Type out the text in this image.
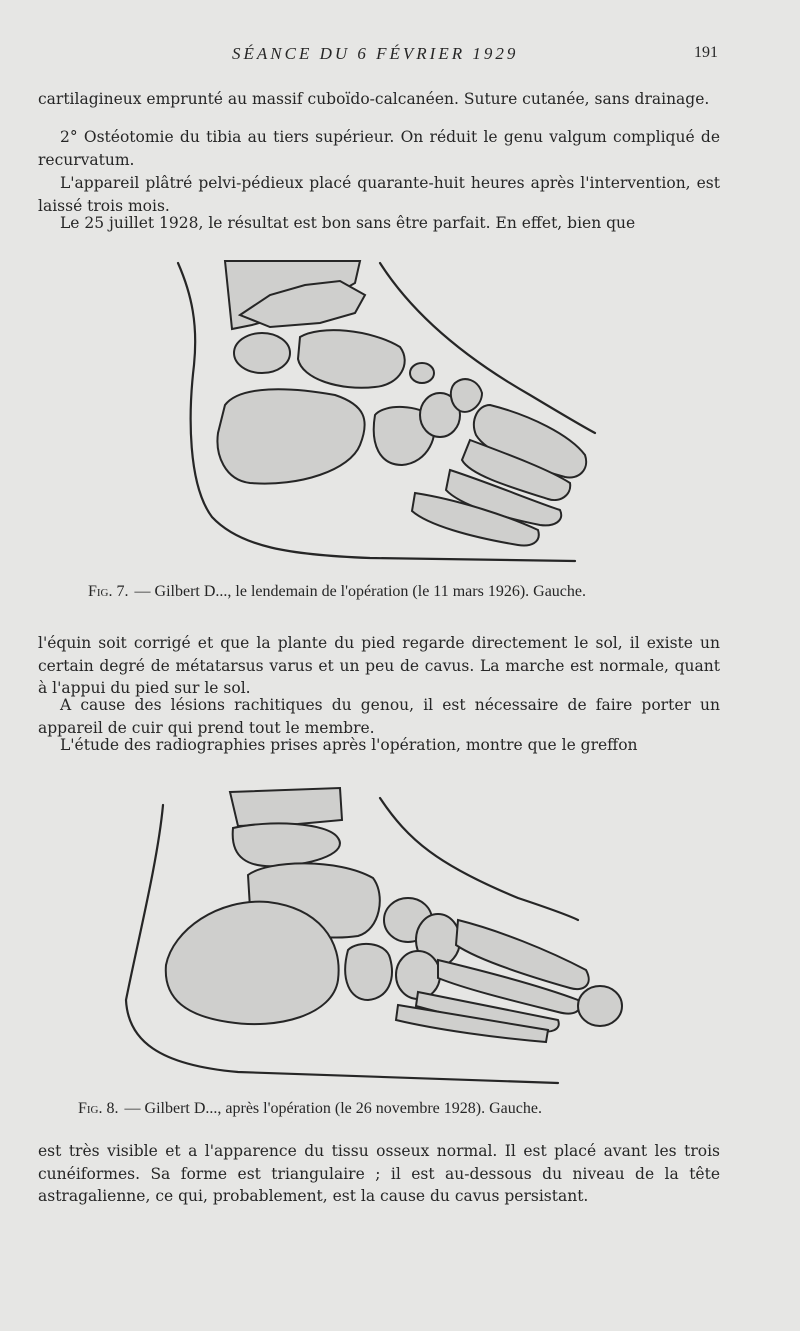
SÉANCE DU 6 FÉVRIER 1929	191

cartilagineux emprunté au massif cuboïdo-calcanéen. Suture cutanée, sans drainage.

2° Ostéotomie du tibia au tiers supérieur. On réduit le genu valgum compliqué de recurvatum.

L'appareil plâtré pelvi-pédieux placé quarante-huit heures après l'intervention, est laissé trois mois.

Le 25 juillet 1928, le résultat est bon sans être parfait. En effet, bien que

Fig. 7. — Gilbert D..., le lendemain de l'opération (le 11 mars 1926). Gauche.

l'équin soit corrigé et que la plante du pied regarde directement le sol, il existe un certain degré de métatarsus varus et un peu de cavus. La marche est normale, quant à l'appui du pied sur le sol.

A cause des lésions rachitiques du genou, il est nécessaire de faire porter un appareil de cuir qui prend tout le membre.

L'étude des radiographies prises après l'opération, montre que le greffon

Fig. 8. — Gilbert D..., après l'opération (le 26 novembre 1928). Gauche.

est très visible et a l'apparence du tissu osseux normal. Il est placé avant les trois cunéiformes. Sa forme est triangulaire ; il est au-dessous du niveau de la tête astragalienne, ce qui, probablement, est la cause du cavus persistant.
